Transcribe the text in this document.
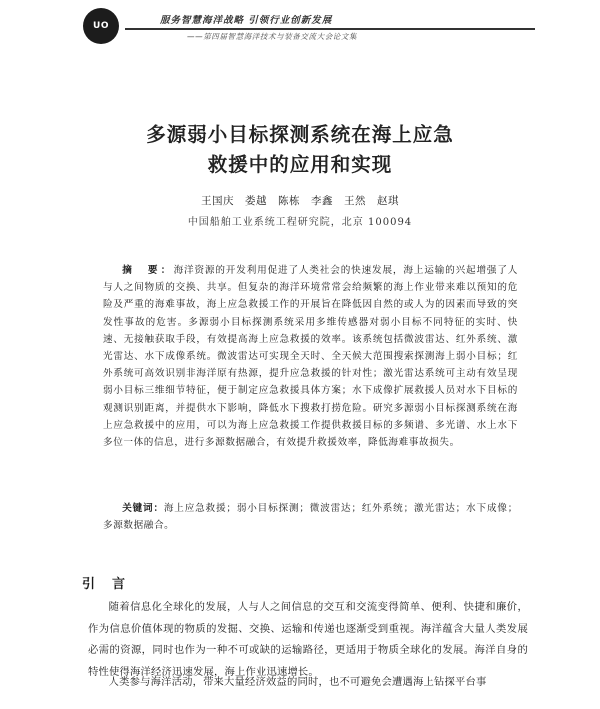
UO	服务智慧海洋战略 引领行业创新发展
——第四届智慧海洋技术与装备交流大会论文集
多源弱小目标探测系统在海上应急
救援中的应用和实现
王国庆　娄越　陈栋　李鑫　王然　赵琪
中国船舶工业系统工程研究院，北京 100094

摘　要：海洋资源的开发利用促进了人类社会的快速发展，海上运输的兴起增强了人与人之间物质的交换、共享。但复杂的海洋环境常常会给频繁的海上作业带来难以预知的危险及严重的海难事故，海上应急救援工作的开展旨在降低因自然的或人为的因素而导致的突发性事故的危害。多源弱小目标探测系统采用多维传感器对弱小目标不同特征的实时、快速、无接触获取手段，有效提高海上应急救援的效率。该系统包括微波雷达、红外系统、激光雷达、水下成像系统。微波雷达可实现全天时、全天候大范围搜索探测海上弱小目标；红外系统可高效识别非海洋原有热源，提升应急救援的针对性；激光雷达系统可主动有效呈现弱小目标三维细节特征，便于制定应急救援具体方案；水下成像扩展救援人员对水下目标的观测识别距离，并提供水下影响，降低水下搜救打捞危险。研究多源弱小目标探测系统在海上应急救援中的应用，可以为海上应急救援工作提供救援目标的多频谱、多光谱、水上水下多位一体的信息，进行多源数据融合，有效提升救援效率，降低海难事故损失。

关键词：海上应急救援；弱小目标探测；微波雷达；红外系统；激光雷达；水下成像；多源数据融合。

引　言

随着信息化全球化的发展，人与人之间信息的交互和交流变得简单、便利、快捷和廉价，作为信息价值体现的物质的发掘、交换、运输和传递也逐渐受到重视。海洋蕴含大量人类发展必需的资源，同时也作为一种不可或缺的运输路径，更适用于物质全球化的发展。海洋自身的特性使得海洋经济迅速发展，海上作业迅速增长。

人类参与海洋活动，带来大量经济效益的同时，也不可避免会遭遇海上钻探平台事
